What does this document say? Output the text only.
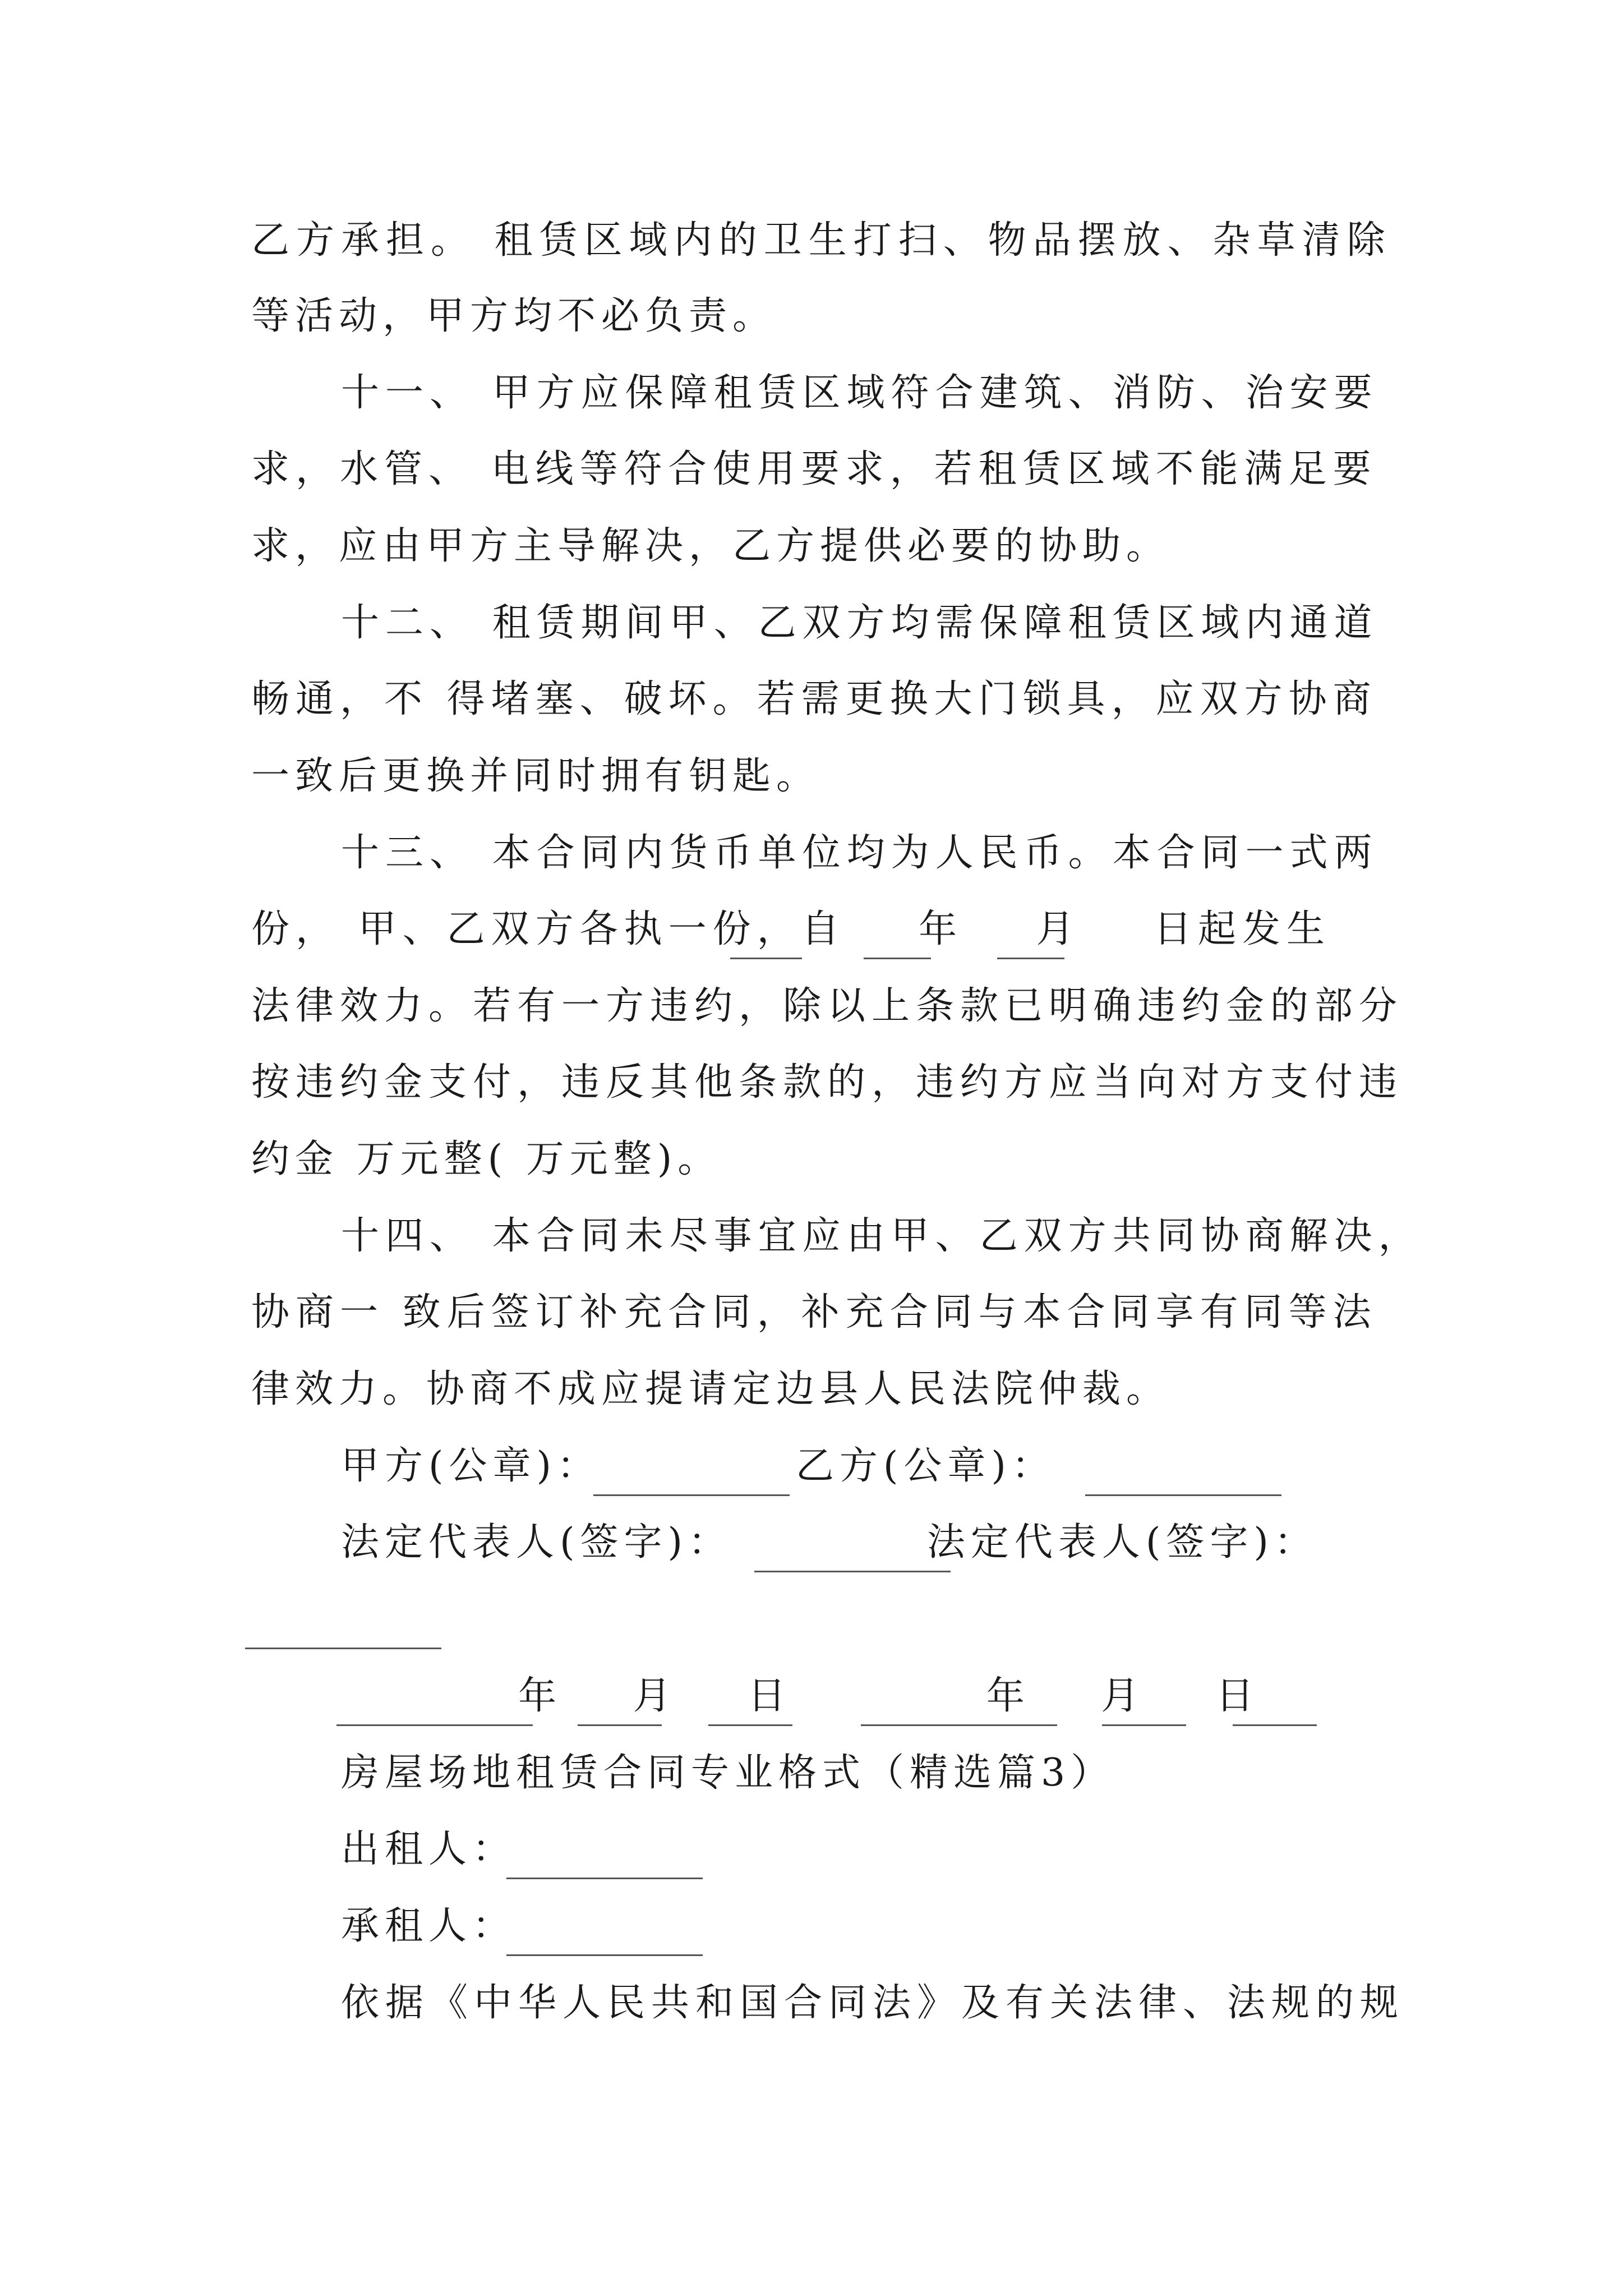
乙方承担。 租赁区域内的卫生打扫、物品摆放、杂草清除
等活动，甲方均不必负责。
十一、 甲方应保障租赁区域符合建筑、消防、治安要
求，水管、 电线等符合使用要求，若租赁区域不能满足要
求，应由甲方主导解决，乙方提供必要的协助。
十二、 租赁期间甲、乙双方均需保障租赁区域内通道
畅通，不 得堵塞、破坏。若需更换大门锁具，应双方协商
一致后更换并同时拥有钥匙。
十三、 本合同内货币单位均为人民币。本合同一式两
份， 甲、乙双方各执一份，自    年    月    日起发生
法律效力。若有一方违约，除以上条款已明确违约金的部分
按违约金支付，违反其他条款的，违约方应当向对方支付违
约金 万元整( 万元整)。
十四、 本合同未尽事宜应由甲、乙双方共同协商解决，
协商一 致后签订补充合同，补充合同与本合同享有同等法
律效力。协商不成应提请定边县人民法院仲裁。
甲方(公章)：           乙方(公章)：
法定代表人(签字)：           法定代表人(签字)：
年    月    日           年    月    日
房屋场地租赁合同专业格式（精选篇3）
出租人：
承租人：
依据《中华人民共和国合同法》及有关法律、法规的规
